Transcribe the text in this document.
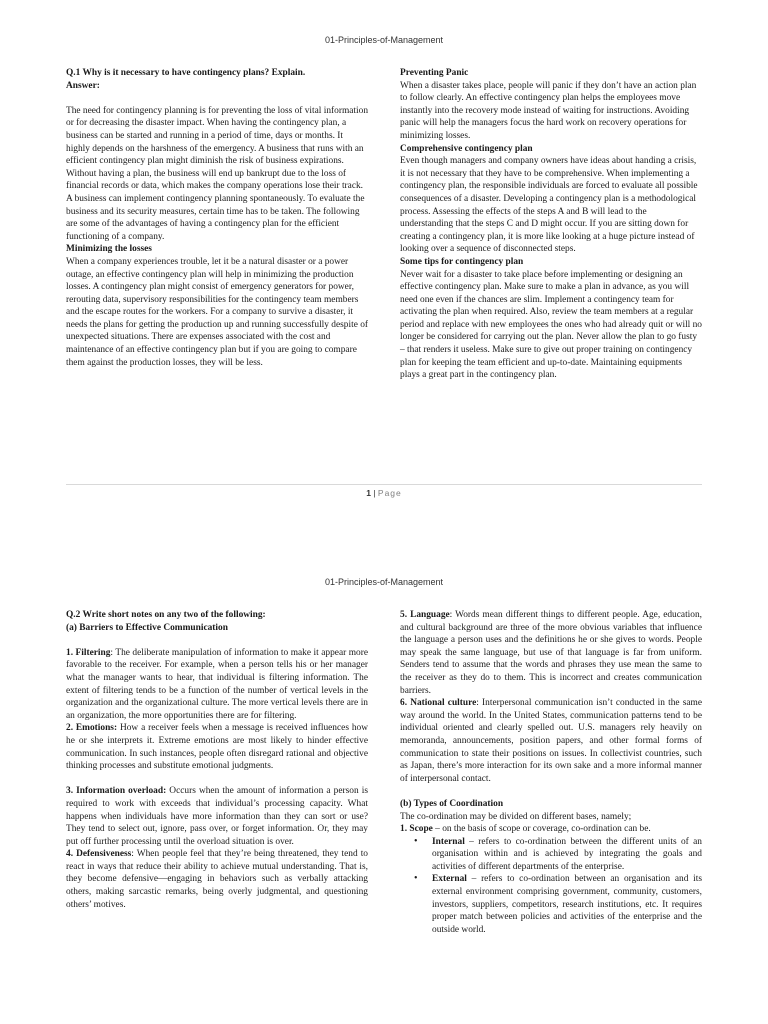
01-Principles-of-Management

Q.1 Why is it necessary to have contingency plans? Explain.
Answer:

The need for contingency planning is for preventing the loss of vital information or for decreasing the disaster impact. When having the contingency plan, a business can be started and running in a period of time, days or months. It highly depends on the harshness of the emergency. A business that runs with an efficient contingency plan might diminish the risk of business expirations. Without having a plan, the business will end up bankrupt due to the loss of financial records or data, which makes the company operations lose their track. A business can implement contingency planning spontaneously. To evaluate the business and its security measures, certain time has to be taken. The following are some of the advantages of having a contingency plan for the efficient functioning of a company.

Minimizing the losses

When a company experiences trouble, let it be a natural disaster or a power outage, an effective contingency plan will help in minimizing the production losses. A contingency plan might consist of emergency generators for power, rerouting data, supervisory responsibilities for the contingency team members and the escape routes for the workers. For a company to survive a disaster, it needs the plans for getting the production up and running successfully despite of unexpected situations. There are expenses associated with the cost and maintenance of an effective contingency plan but if you are going to compare them against the production losses, they will be less.

Preventing Panic

When a disaster takes place, people will panic if they don’t have an action plan to follow clearly. An effective contingency plan helps the employees move instantly into the recovery mode instead of waiting for instructions. Avoiding panic will help the managers focus the hard work on recovery operations for minimizing losses.

Comprehensive contingency plan

Even though managers and company owners have ideas about handing a crisis, it is not necessary that they have to be comprehensive. When implementing a contingency plan, the responsible individuals are forced to evaluate all possible consequences of a disaster. Developing a contingency plan is a methodological process. Assessing the effects of the steps A and B will lead to the understanding that the steps C and D might occur. If you are sitting down for creating a contingency plan, it is more like looking at a huge picture instead of looking over a sequence of disconnected steps.

Some tips for contingency plan

Never wait for a disaster to take place before implementing or designing an effective contingency plan. Make sure to make a plan in advance, as you will need one even if the chances are slim. Implement a contingency team for activating the plan when required. Also, review the team members at a regular period and replace with new employees the ones who had already quit or will no longer be considered for carrying out the plan. Never allow the plan to go fusty – that renders it useless. Make sure to give out proper training on contingency plan for keeping the team efficient and up-to-date. Maintaining equipments plays a great part in the contingency plan.

1 | Page
01-Principles-of-Management

Q.2 Write short notes on any two of the following:
(a) Barriers to Effective Communication

1. Filtering: The deliberate manipulation of information to make it appear more favorable to the receiver. For example, when a person tells his or her manager what the manager wants to hear, that individual is filtering information. The extent of filtering tends to be a function of the number of vertical levels in the organization and the organizational culture. The more vertical levels there are in an organization, the more opportunities there are for filtering.

2. Emotions: How a receiver feels when a message is received influences how he or she interprets it. Extreme emotions are most likely to hinder effective communication. In such instances, people often disregard rational and objective thinking processes and substitute emotional judgments.

3. Information overload: Occurs when the amount of information a person is required to work with exceeds that individual’s processing capacity. What happens when individuals have more information than they can sort or use? They tend to select out, ignore, pass over, or forget information. Or, they may put off further processing until the overload situation is over.

4. Defensiveness: When people feel that they’re being threatened, they tend to react in ways that reduce their ability to achieve mutual understanding. That is, they become defensive—engaging in behaviors such as verbally attacking others, making sarcastic remarks, being overly judgmental, and questioning others’ motives.

5. Language: Words mean different things to different people. Age, education, and cultural background are three of the more obvious variables that influence the language a person uses and the definitions he or she gives to words. People may speak the same language, but use of that language is far from uniform. Senders tend to assume that the words and phrases they use mean the same to the receiver as they do to them. This is incorrect and creates communication barriers.

6. National culture: Interpersonal communication isn’t conducted in the same way around the world. In the United States, communication patterns tend to be individual oriented and clearly spelled out. U.S. managers rely heavily on memoranda, announcements, position papers, and other formal forms of communication to state their positions on issues. In collectivist countries, such as Japan, there’s more interaction for its own sake and a more informal manner of interpersonal contact.

(b) Types of Coordination

The co-ordination may be divided on different bases, namely;

1. Scope – on the basis of scope or coverage, co-ordination can be.

• Internal – refers to co-ordination between the different units of an organisation within and is achieved by integrating the goals and activities of different departments of the enterprise.
• External – refers to co-ordination between an organisation and its external environment comprising government, community, customers, investors, suppliers, competitors, research institutions, etc. It requires proper match between policies and activities of the enterprise and the outside world.
